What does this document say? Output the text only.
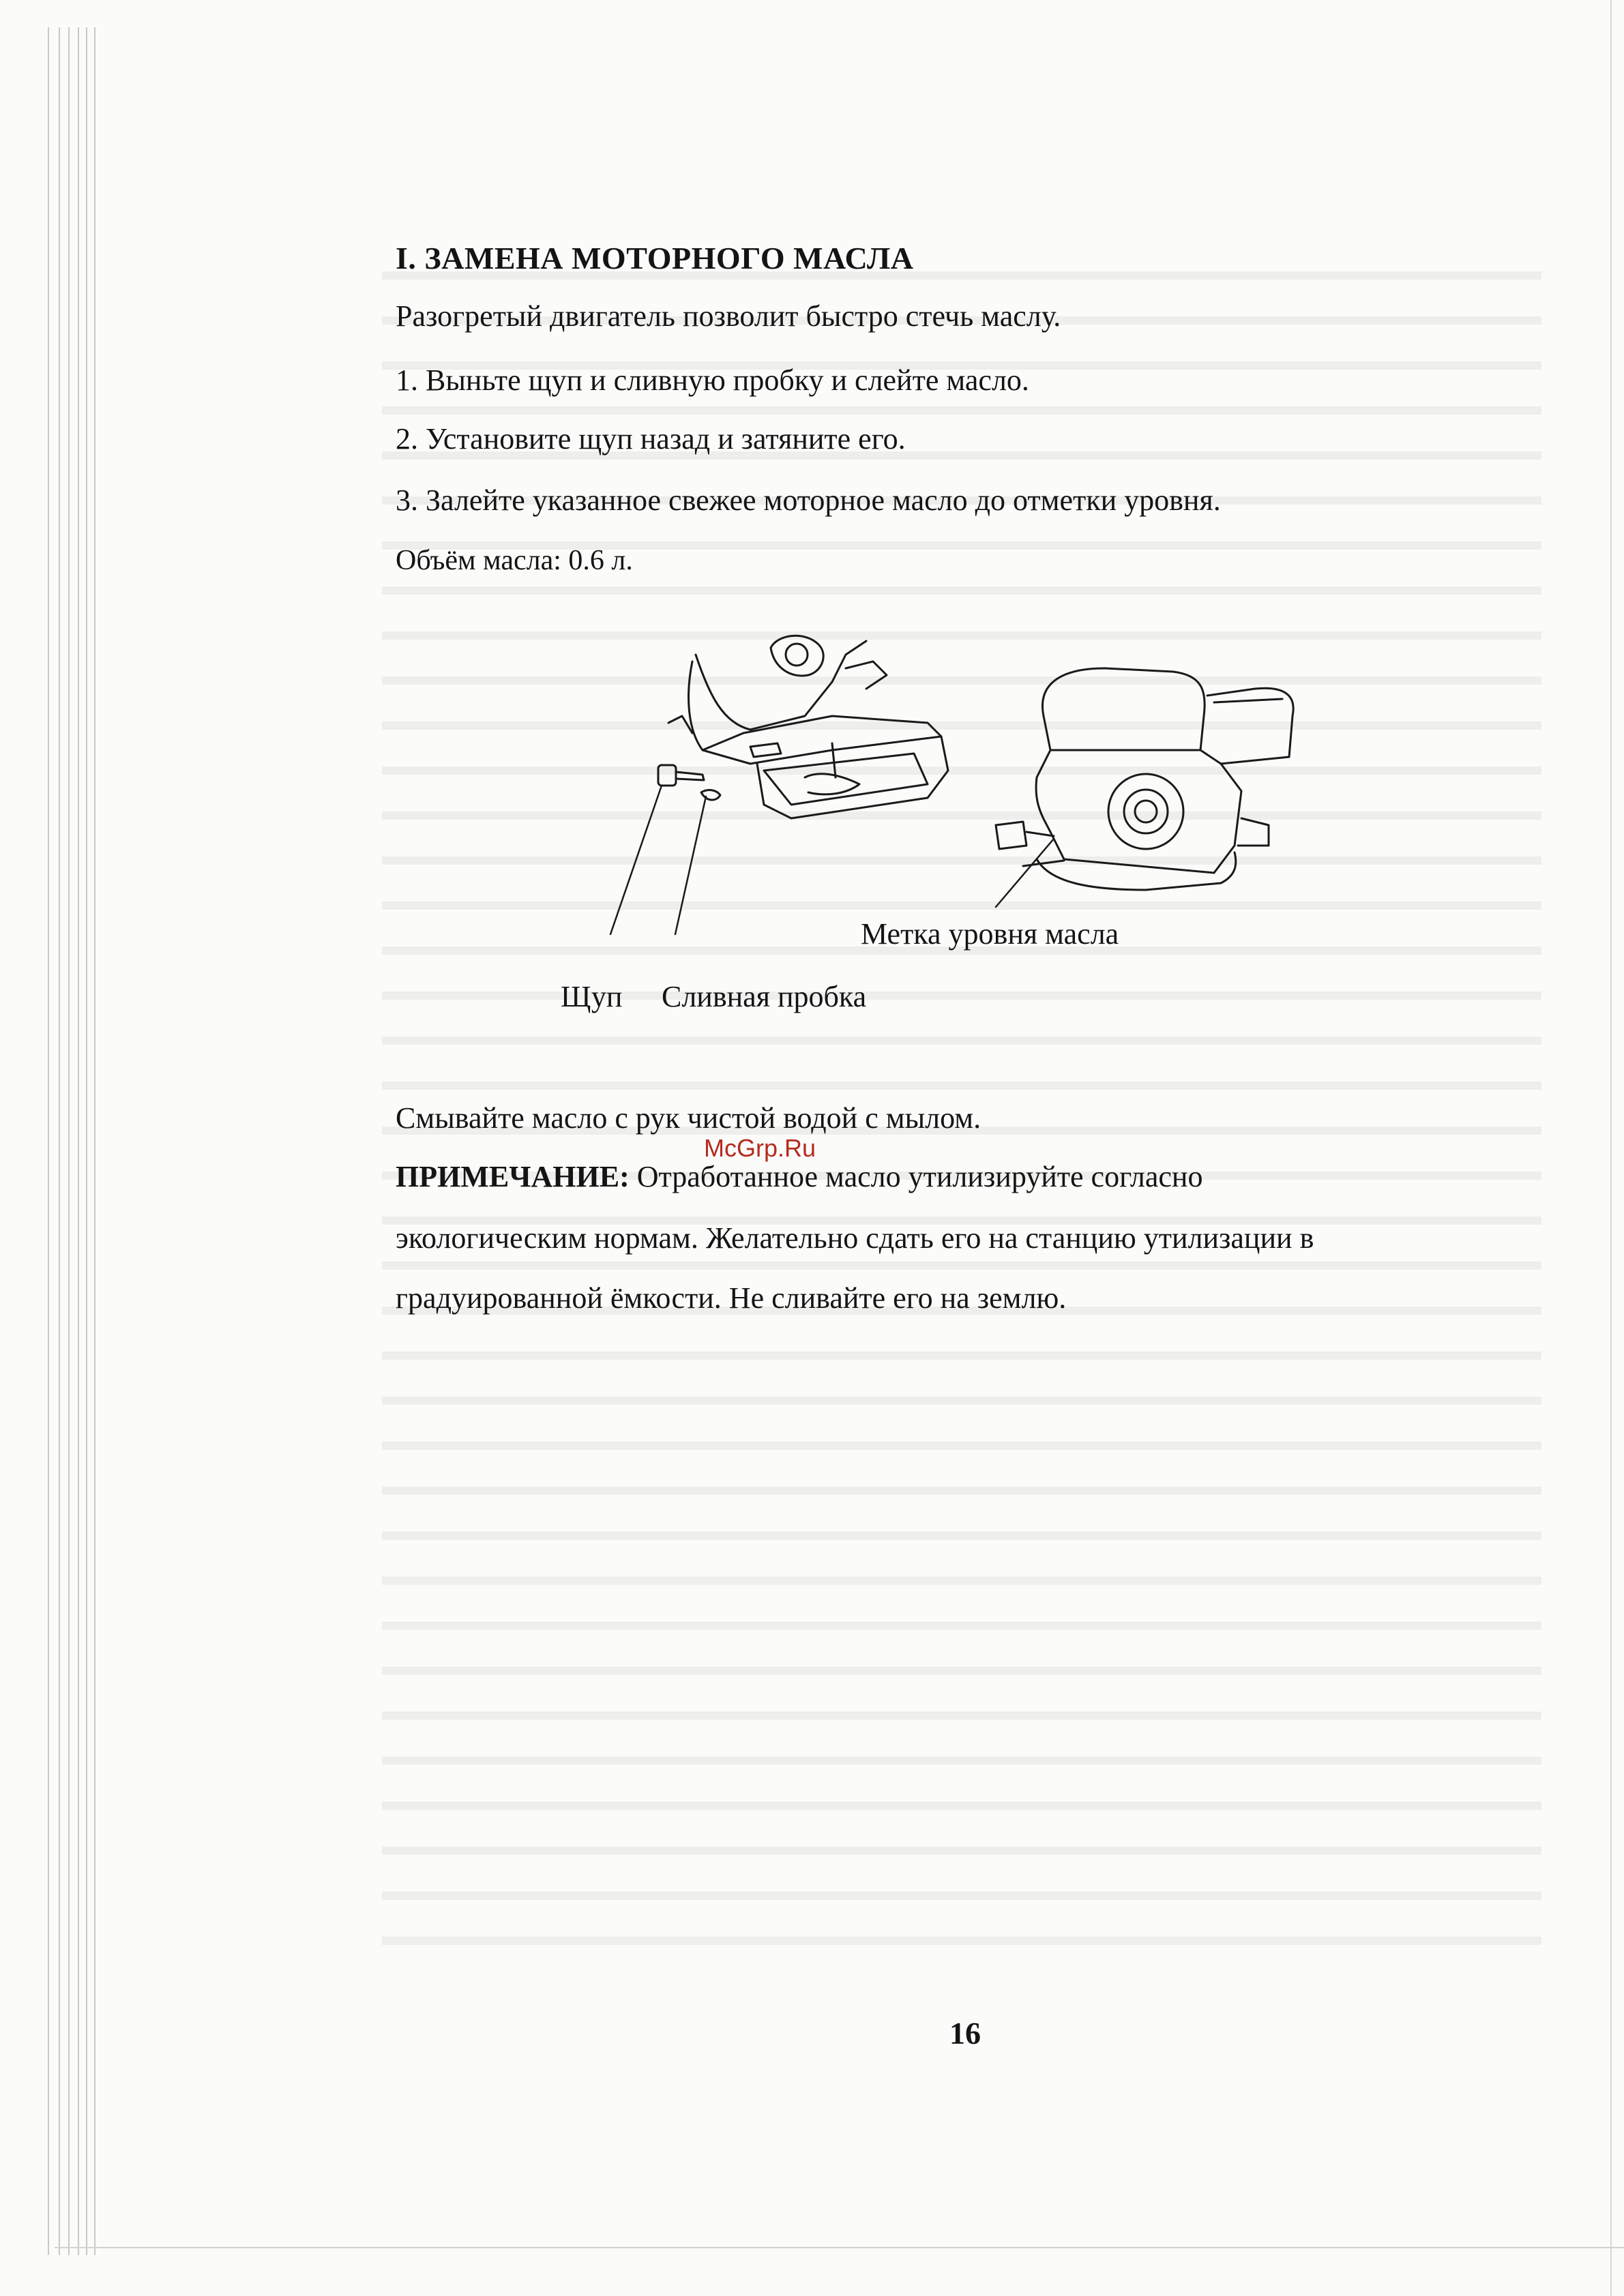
I. ЗАМЕНА МОТОРНОГО МАСЛА
Разогретый двигатель позволит быстро стечь маслу.
1. Выньте щуп и сливную пробку и слейте масло.
2. Установите щуп назад и затяните его.
3. Залейте указанное свежее моторное масло до отметки уровня.
Объём масла: 0.6 л.
Метка уровня масла
Щуп Сливная пробка
Смывайте масло с рук чистой водой с мылом.
McGrp.Ru
ПРИМЕЧАНИЕ: Отработанное масло утилизируйте согласно
экологическим нормам. Желательно сдать его на станцию утилизации в
градуированной ёмкости. Не сливайте его на землю.
16
